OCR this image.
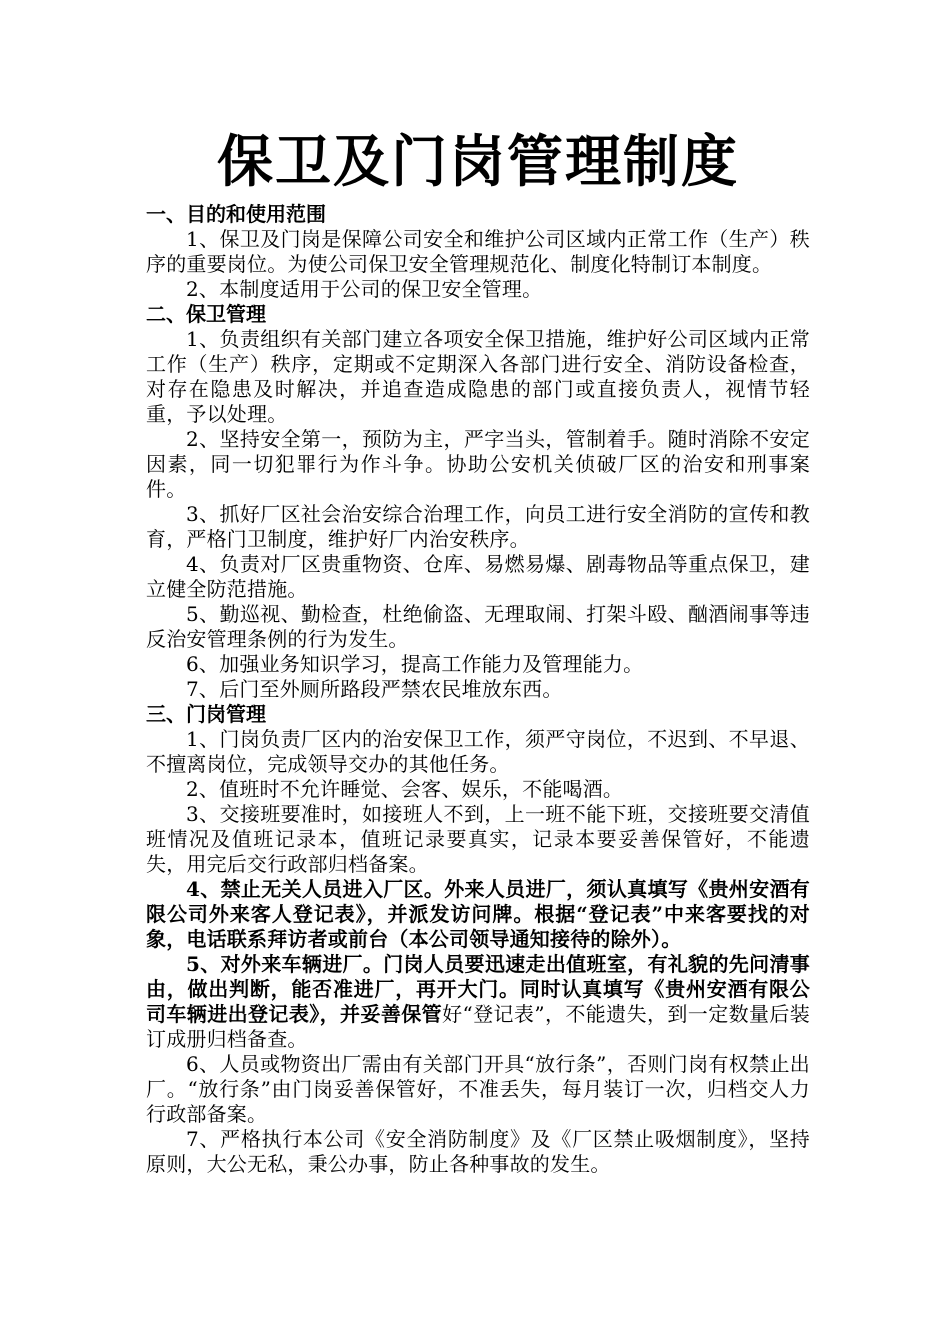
保卫及门岗管理制度

一、目的和使用范围

1、保卫及门岗是保障公司安全和维护公司区域内正常工作（生产）秩序的重要岗位。为使公司保卫安全管理规范化、制度化特制订本制度。

2、本制度适用于公司的保卫安全管理。

二、保卫管理

1、负责组织有关部门建立各项安全保卫措施，维护好公司区域内正常工作（生产）秩序，定期或不定期深入各部门进行安全、消防设备检查，对存在隐患及时解决，并追查造成隐患的部门或直接负责人，视情节轻重，予以处理。

2、坚持安全第一，预防为主，严字当头，管制着手。随时消除不安定因素，同一切犯罪行为作斗争。协助公安机关侦破厂区的治安和刑事案件。

3、抓好厂区社会治安综合治理工作，向员工进行安全消防的宣传和教育，严格门卫制度，维护好厂内治安秩序。

4、负责对厂区贵重物资、仓库、易燃易爆、剧毒物品等重点保卫，建立健全防范措施。

5、勤巡视、勤检查，杜绝偷盗、无理取闹、打架斗殴、酗酒闹事等违反治安管理条例的行为发生。

6、加强业务知识学习，提高工作能力及管理能力。

7、后门至外厕所路段严禁农民堆放东西。

三、门岗管理

1、门岗负责厂区内的治安保卫工作，须严守岗位，不迟到、不早退、不擅离岗位，完成领导交办的其他任务。

2、值班时不允许睡觉、会客、娱乐，不能喝酒。

3、交接班要准时，如接班人不到，上一班不能下班，交接班要交清值班情况及值班记录本，值班记录要真实，记录本要妥善保管好，不能遗失，用完后交行政部归档备案。

4、禁止无关人员进入厂区。外来人员进厂，须认真填写《贵州安酒有限公司外来客人登记表》，并派发访问牌。根据“登记表”中来客要找的对象，电话联系拜访者或前台（本公司领导通知接待的除外）。

5、对外来车辆进厂。门岗人员要迅速走出值班室，有礼貌的先问清事由，做出判断，能否准进厂，再开大门。同时认真填写《贵州安酒有限公司车辆进出登记表》，并妥善保管好“登记表”，不能遗失，到一定数量后装订成册归档备查。

6、人员或物资出厂需由有关部门开具“放行条”，否则门岗有权禁止出厂。“放行条”由门岗妥善保管好，不准丢失，每月装订一次，归档交人力行政部备案。

7、严格执行本公司《安全消防制度》及《厂区禁止吸烟制度》，坚持原则，大公无私，秉公办事，防止各种事故的发生。
